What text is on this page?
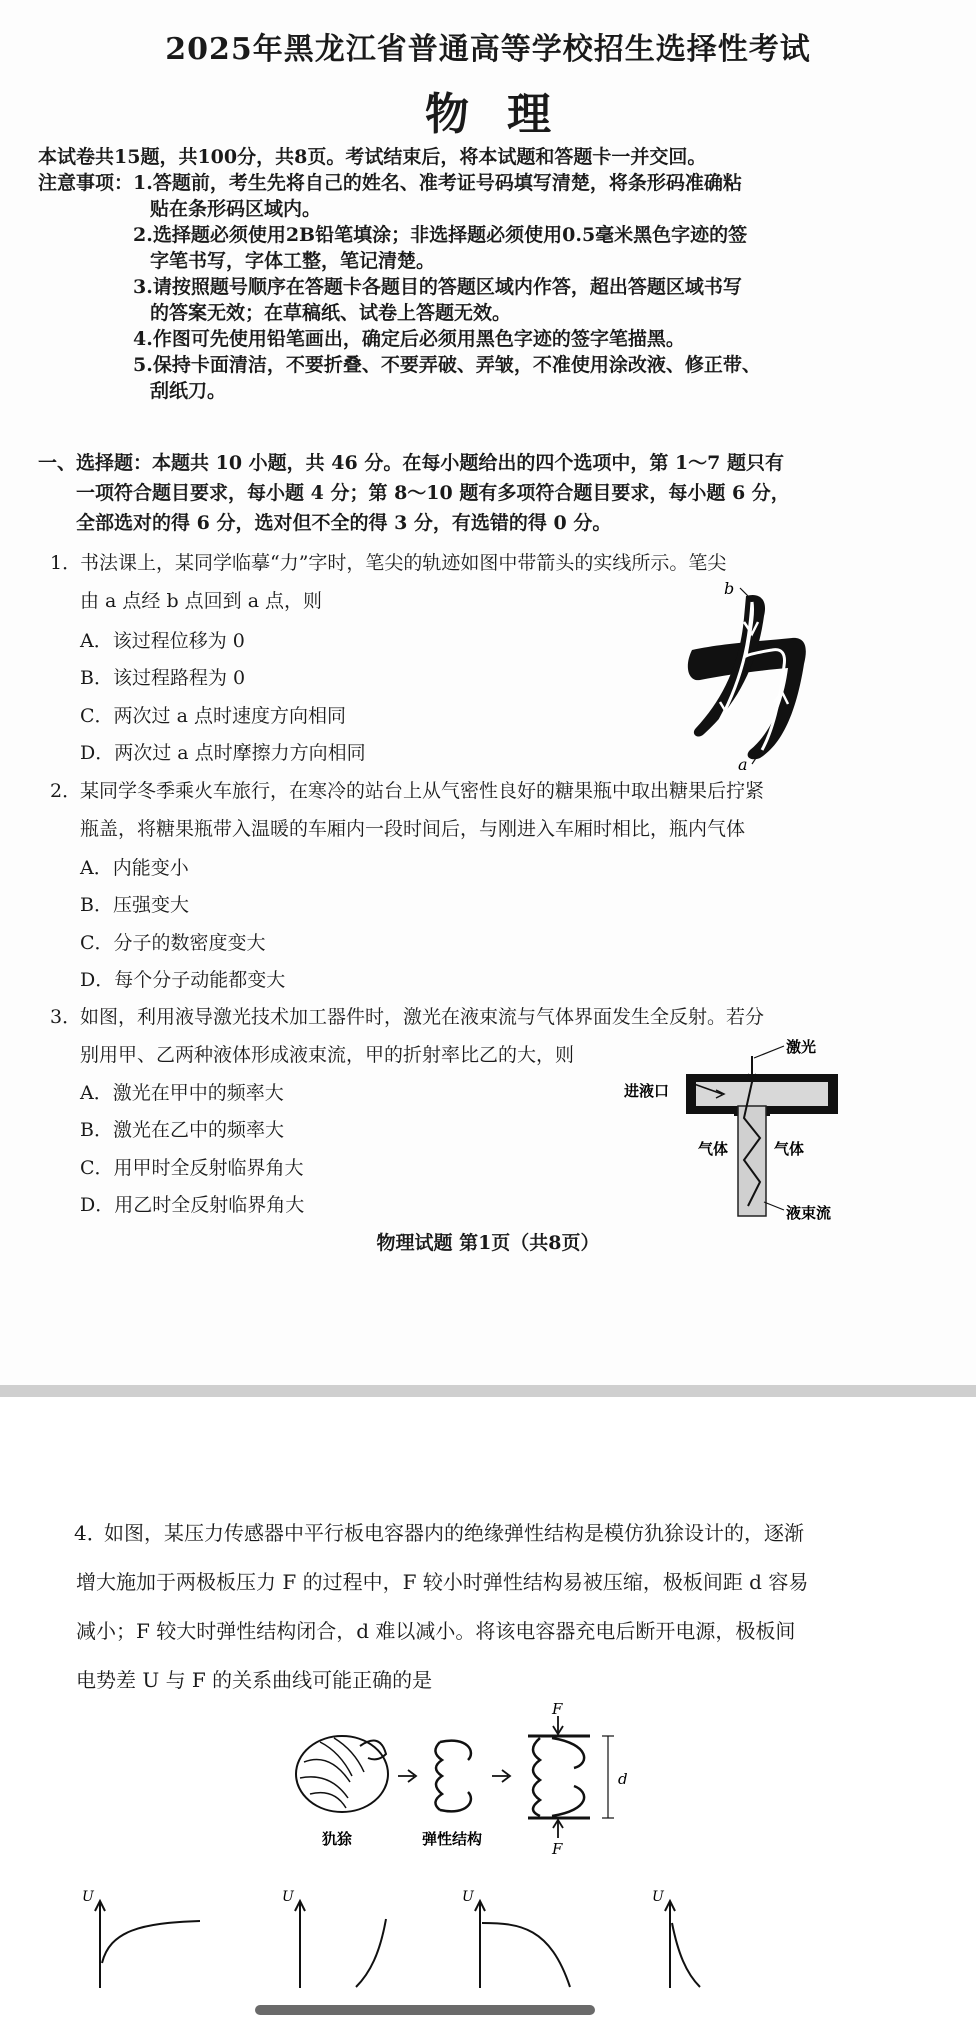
2025年黑龙江省普通高等学校招生选择性考试
物理
本试卷共15题，共100分，共8页。考试结束后，将本试题和答题卡一并交回。
注意事项： 1.答题前，考生先将自己的姓名、准考证号码填写清楚，将条形码准确粘
贴在条形码区域内。
2.选择题必须使用2B铅笔填涂；非选择题必须使用0.5毫米黑色字迹的签
字笔书写，字体工整，笔记清楚。
3.请按照题号顺序在答题卡各题目的答题区域内作答，超出答题区域书写
的答案无效；在草稿纸、试卷上答题无效。
4.作图可先使用铅笔画出，确定后必须用黑色字迹的签字笔描黑。
5.保持卡面清洁，不要折叠、不要弄破、弄皱，不准使用涂改液、修正带、
刮纸刀。
一、选择题：本题共 10 小题，共 46 分。在每小题给出的四个选项中，第 1～7 题只有
一项符合题目要求，每小题 4 分；第 8～10 题有多项符合题目要求，每小题 6 分，
全部选对的得 6 分，选对但不全的得 3 分，有选错的得 0 分。
1．
书法课上，某同学临摹“力”字时，笔尖的轨迹如图中带箭头的实线所示。笔尖
由 a 点经 b 点回到 a 点，则
A．该过程位移为 0
B．该过程路程为 0
C．两次过 a 点时速度方向相同
D．两次过 a 点时摩擦力方向相同
b
a
2．
某同学冬季乘火车旅行，在寒冷的站台上从气密性良好的糖果瓶中取出糖果后拧紧
瓶盖，将糖果瓶带入温暖的车厢内一段时间后，与刚进入车厢时相比，瓶内气体
A．内能变小
B．压强变大
C．分子的数密度变大
D．每个分子动能都变大
3．
如图，利用液导激光技术加工器件时，激光在液束流与气体界面发生全反射。若分
别用甲、乙两种液体形成液束流，甲的折射率比乙的大，则
A．激光在甲中的频率大
B．激光在乙中的频率大
C．用甲时全反射临界角大
D．用乙时全反射临界角大
激光
进液口
气体	气体
液束流
物理试题 第1页（共8页）
4．
如图，某压力传感器中平行板电容器内的绝缘弹性结构是模仿犰狳设计的，逐渐
增大施加于两极板压力 F 的过程中，F 较小时弹性结构易被压缩，极板间距 d 容易
减小；F 较大时弹性结构闭合，d 难以减小。将该电容器充电后断开电源，极板间
电势差 U 与 F 的关系曲线可能正确的是
F
F
d
犰狳	弹性结构
U	U	U	U
